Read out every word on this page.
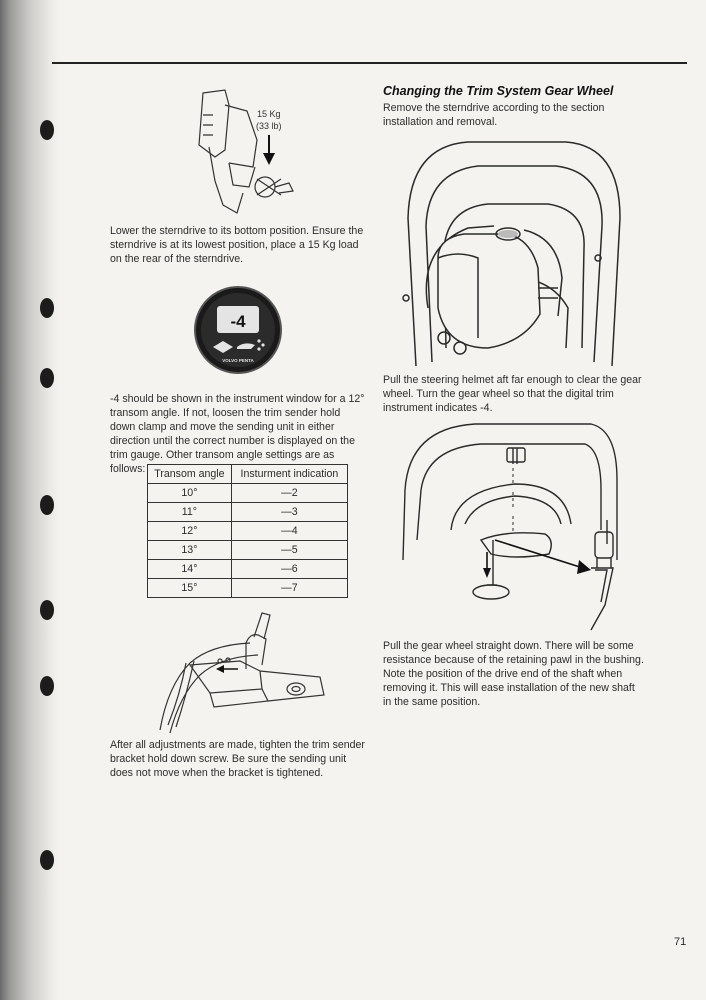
15 Kg
(33 lb)

Lower the sterndrive to its bottom position. Ensure the sterndrive is at its lowest position, place a 15 Kg load on the rear of the sterndrive.

-4
VOLVO PENTA

-4 should be shown in the instrument window for a 12° transom angle. If not, loosen the trim sender hold down clamp and move the sending unit in either direction until the correct number is displayed on the trim gauge. Other transom angle settings are as follows: Transom angle	Insturment indication
10°	—2
11°	—3
12°	—4
13°	—5
14°	—6
15°	—7

After all adjustments are made, tighten the trim sender bracket hold down screw. Be sure the sending unit does not move when the bracket is tightened.

Changing the Trim System Gear Wheel

Remove the sterndrive according to the section installation and removal.

Pull the steering helmet aft far enough to clear the gear wheel. Turn the gear wheel so that the digital trim instrument indicates -4.

Pull the gear wheel straight down. There will be some resistance because of the retaining pawl in the bushing. Note the position of the drive end of the shaft when removing it. This will ease installation of the new shaft in the same position.

71
